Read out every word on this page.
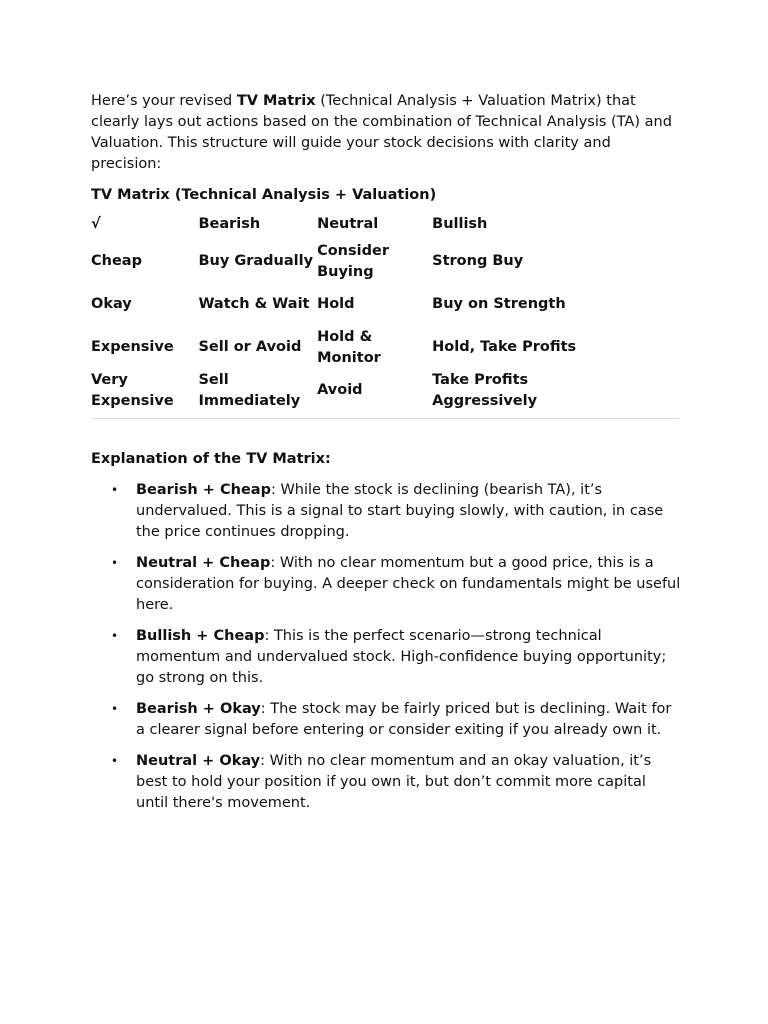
Here’s your revised TV Matrix (Technical Analysis + Valuation Matrix) that clearly lays out actions based on the combination of Technical Analysis (TA) and Valuation. This structure will guide your stock decisions with clarity and precision:

TV Matrix (Technical Analysis + Valuation)
√	Bearish	Neutral	Bullish
Cheap	Buy Gradually	Consider Buying	Strong Buy
Okay	Watch & Wait	Hold	Buy on Strength
Expensive	Sell or Avoid	Hold & Monitor	Hold, Take Profits
Very Expensive	Sell Immediately	Avoid	Take Profits Aggressively
Explanation of the TV Matrix:
• Bearish + Cheap: While the stock is declining (bearish TA), it’s undervalued. This is a signal to start buying slowly, with caution, in case the price continues dropping.
• Neutral + Cheap: With no clear momentum but a good price, this is a consideration for buying. A deeper check on fundamentals might be useful here.
• Bullish + Cheap: This is the perfect scenario—strong technical momentum and undervalued stock. High-confidence buying opportunity; go strong on this.
• Bearish + Okay: The stock may be fairly priced but is declining. Wait for a clearer signal before entering or consider exiting if you already own it.
• Neutral + Okay: With no clear momentum and an okay valuation, it’s best to hold your position if you own it, but don’t commit more capital until there's movement.
